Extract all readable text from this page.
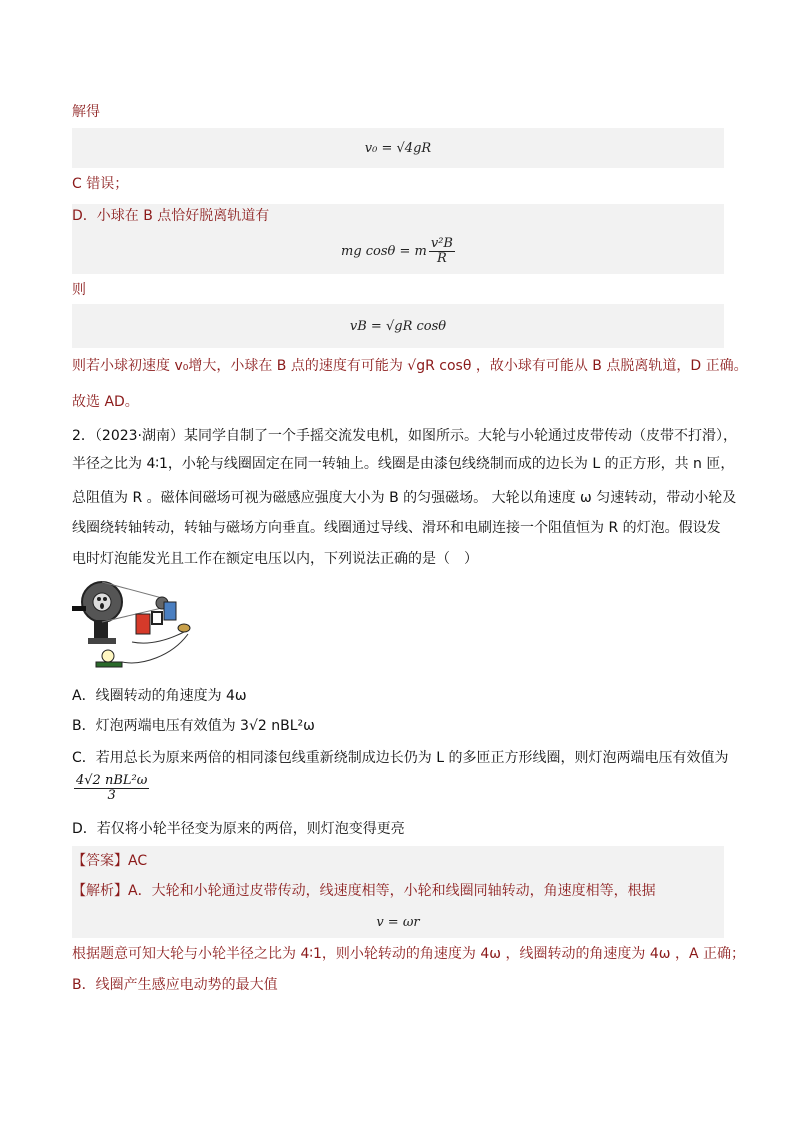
解得
v₀ = √4gR
C 错误；
D．小球在 B 点恰好脱离轨道有
mg cosθ = m $\frac{\text{v²B}}{R}$
则
vB = √gR cosθ
则若小球初速度 v₀增大，小球在 B 点的速度有可能为 √gR cosθ ，故小球有可能从 B 点脱离轨道，D 正确。
故选 AD。
2．（2023·湖南）某同学自制了一个手摇交流发电机，如图所示。大轮与小轮通过皮带传动（皮带不打滑），
半径之比为 4∶1，小轮与线圈固定在同一转轴上。线圈是由漆包线绕制而成的边长为 L 的正方形，共 n 匝，
总阻值为 R 。磁体间磁场可视为磁感应强度大小为 B 的匀强磁场。 大轮以角速度 ω 匀速转动，带动小轮及
线圈绕转轴转动，转轴与磁场方向垂直。线圈通过导线、滑环和电刷连接一个阻值恒为 R 的灯泡。假设发
电时灯泡能发光且工作在额定电压以内，下列说法正确的是（　）
A．线圈转动的角速度为 4ω
B．灯泡两端电压有效值为 3√2 nBL²ω
C．若用总长为原来两倍的相同漆包线重新绕制成边长仍为 L 的多匝正方形线圈，则灯泡两端电压有效值为
$\frac{\text{4√2 nBL²ω}}{3}$
D．若仅将小轮半径变为原来的两倍，则灯泡变得更亮
【答案】AC
【解析】A．大轮和小轮通过皮带传动，线速度相等，小轮和线圈同轴转动，角速度相等，根据
v = ωr
根据题意可知大轮与小轮半径之比为 4∶1，则小轮转动的角速度为 4ω ，线圈转动的角速度为 4ω ，A 正确；
B．线圈产生感应电动势的最大值
